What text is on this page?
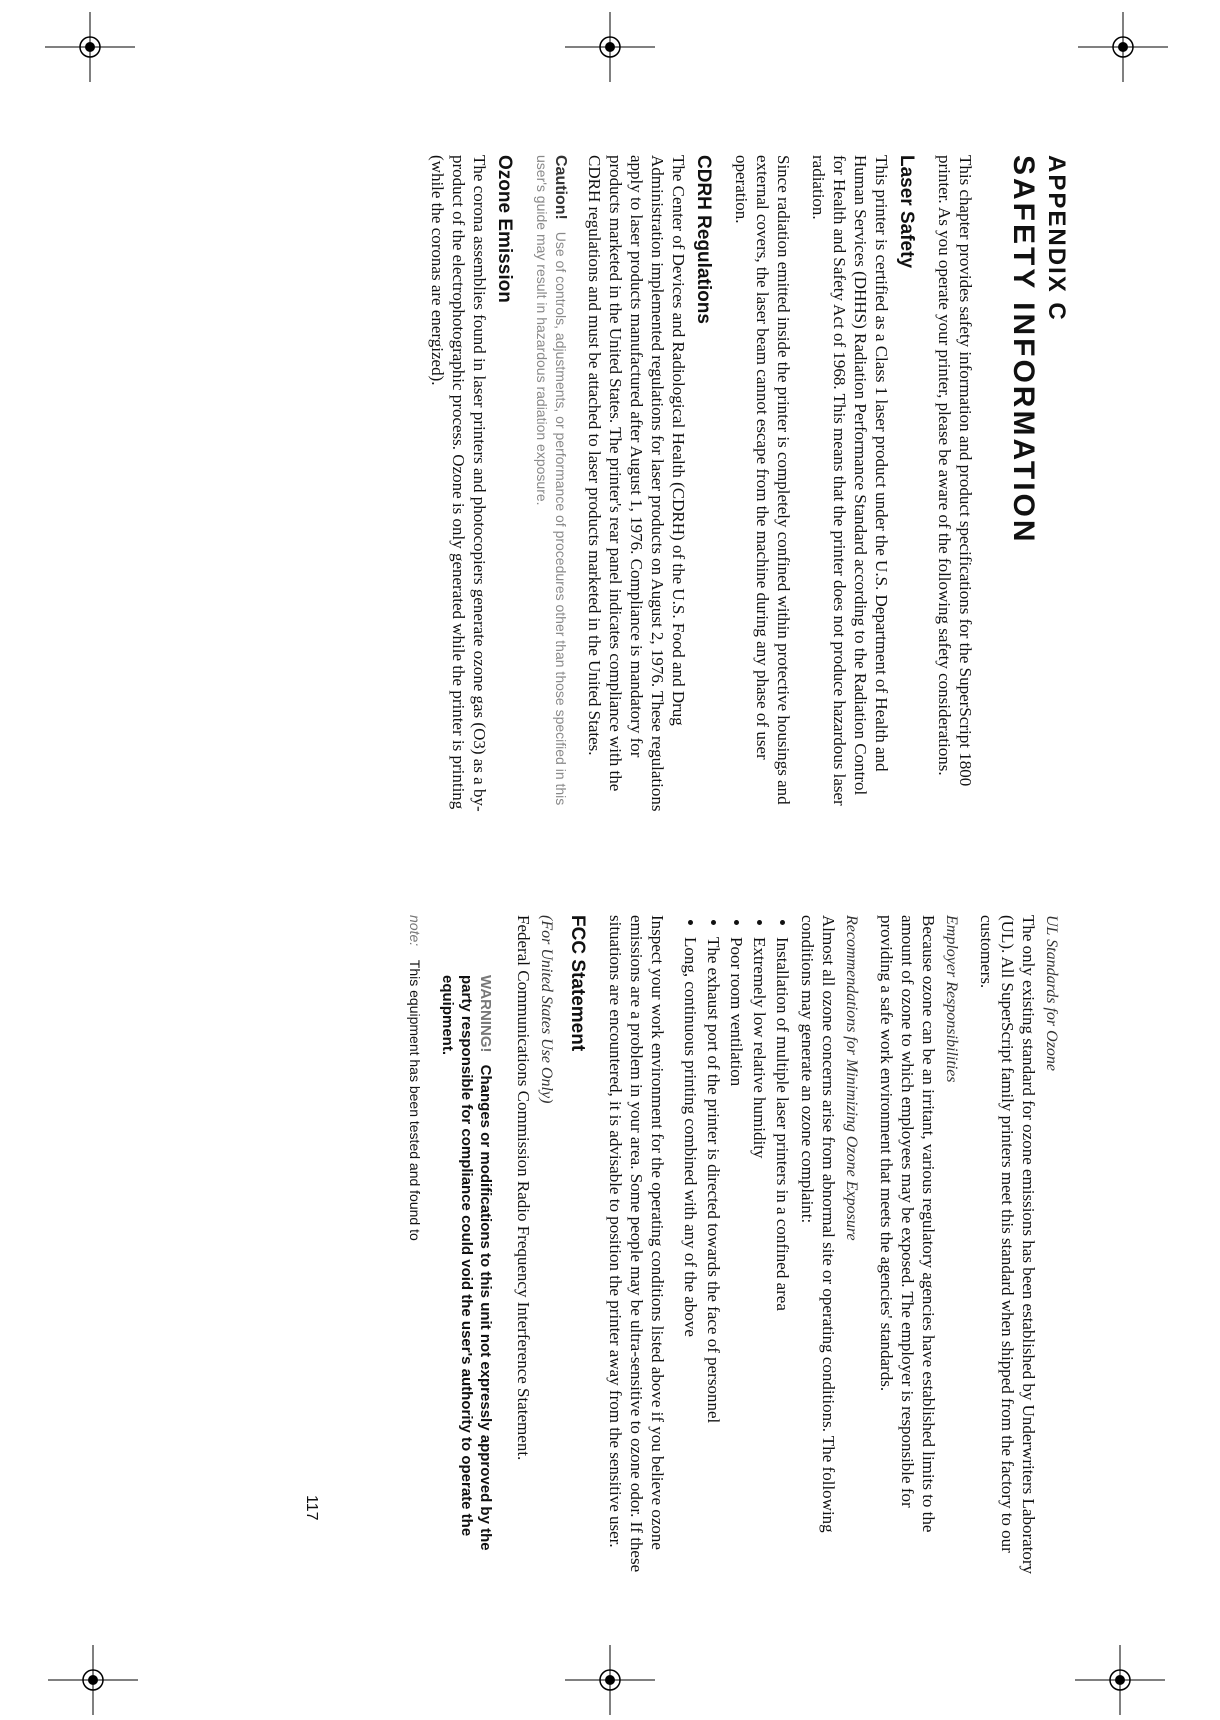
APPENDIX C
SAFETY INFORMATION

This chapter provides safety information and product specifications for the SuperScript 1800 printer. As you operate your printer, please be aware of the following safety considerations.

Laser Safety

This printer is certified as a Class 1 laser product under the U.S. Department of Health and Human Services (DHHS) Radiation Performance Standard according to the Radiation Control for Health and Safety Act of 1968. This means that the printer does not produce hazardous laser radiation.

Since radiation emitted inside the printer is completely confined within protective housings and external covers, the laser beam cannot escape from the machine during any phase of user operation.

CDRH Regulations

The Center of Devices and Radiological Health (CDRH) of the U.S. Food and Drug Administration implemented regulations for laser products on August 2, 1976. These regulations apply to laser products manufactured after August 1, 1976. Compliance is mandatory for products marketed in the United States. The printer's rear panel indicates compliance with the CDRH regulations and must be attached to laser products marketed in the United States.

Caution! Use of controls, adjustments, or performance of procedures other than those specified in this user's guide may result in hazardous radiation exposure.
Ozone Emission

The corona assemblies found in laser printers and photocopiers generate ozone gas (O3) as a by-product of the electrophotographic process. Ozone is only generated while the printer is printing (while the coronas are energized).

UL Standards for Ozone

The only existing standard for ozone emissions has been established by Underwriters Laboratory (UL). All SuperScript family printers meet this standard when shipped from the factory to our customers.

Employer Responsibilities

Because ozone can be an irritant, various regulatory agencies have established limits to the amount of ozone to which employees may be exposed. The employer is responsible for providing a safe work environment that meets the agencies' standards.

Recommendations for Minimizing Ozone Exposure

Almost all ozone concerns arise from abnormal site or operating conditions. The following conditions may generate an ozone complaint:

• Installation of multiple laser printers in a confined area
• Extremely low relative humidity
• Poor room ventilation
• The exhaust port of the printer is directed towards the face of personnel
• Long, continuous printing combined with any of the above

Inspect your work environment for the operating conditions listed above if you believe ozone emissions are a problem in your area. Some people may be ultra-sensitive to ozone odor. If these situations are encountered, it is advisable to position the printer away from the sensitive user.

FCC Statement
(For United States Use Only)

Federal Communications Commission Radio Frequency Interference Statement.

WARNING! Changes or modifications to this unit not expressly approved by the party responsible for compliance could void the user's authority to operate the equipment.
note: This equipment has been tested and found to
117
